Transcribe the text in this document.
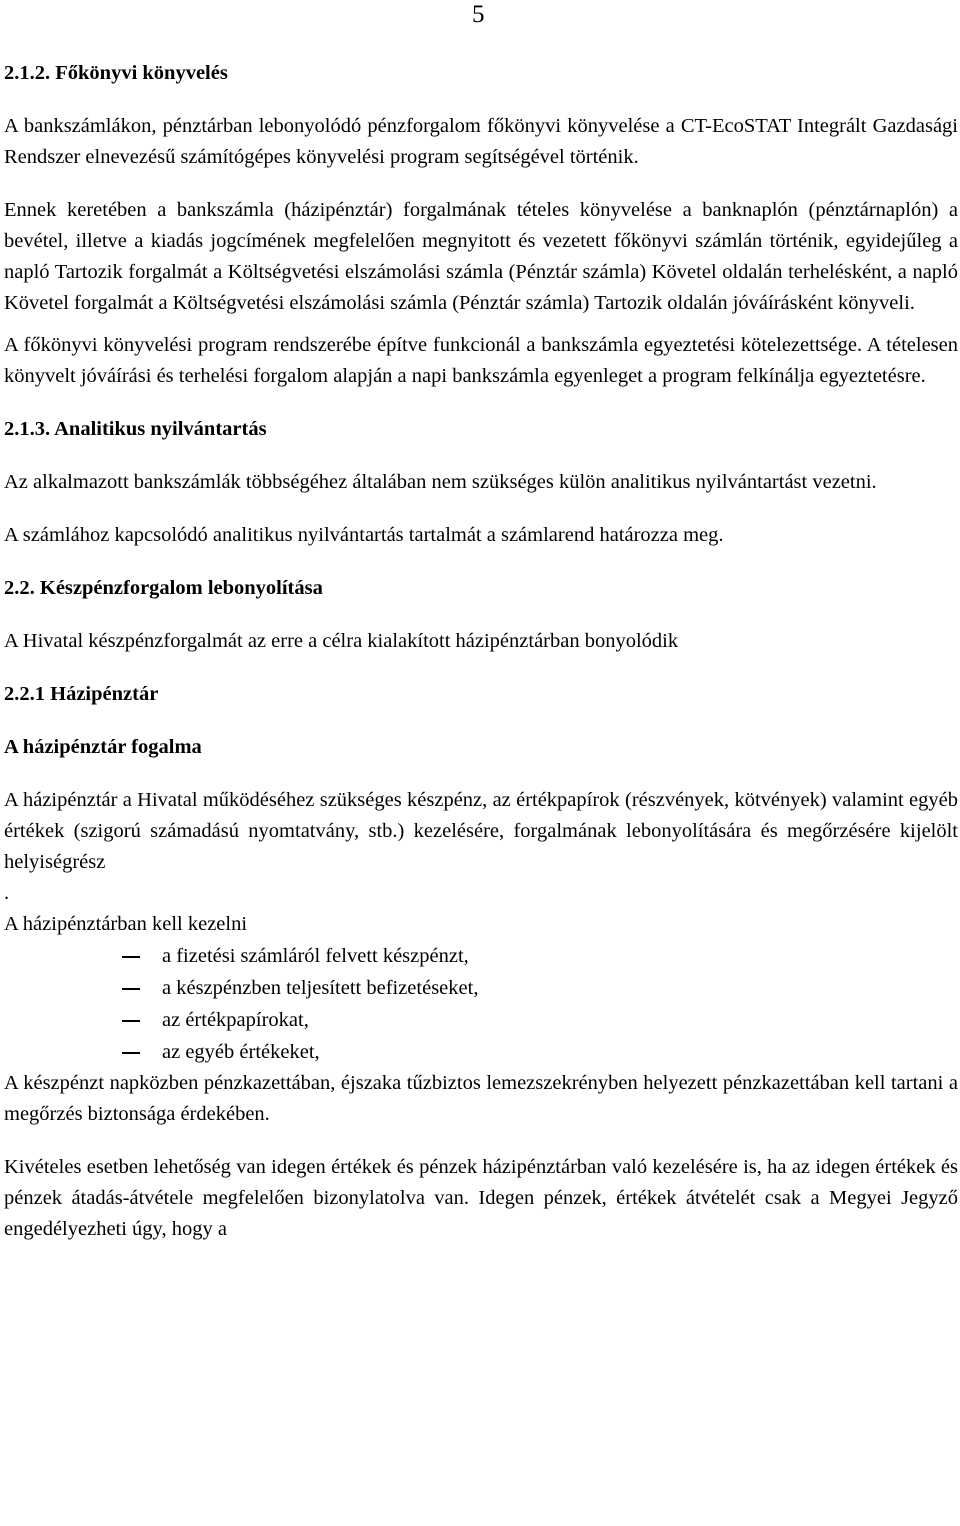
5
2.1.2. Főkönyvi könyvelés

A bankszámlákon, pénztárban lebonyolódó pénzforgalom főkönyvi könyvelése a CT-EcoSTAT Integrált Gazdasági Rendszer elnevezésű számítógépes könyvelési program segítségével történik.

Ennek keretében a bankszámla (házipénztár) forgalmának tételes könyvelése a banknaplón (pénztárnaplón) a bevétel, illetve a kiadás jogcímének megfelelően megnyitott és vezetett főkönyvi számlán történik, egyidejűleg a napló Tartozik forgalmát a Költségvetési elszámolási számla (Pénztár számla) Követel oldalán terhelésként, a napló Követel forgalmát a Költségvetési elszámolási számla (Pénztár számla) Tartozik oldalán jóváírásként könyveli.

A főkönyvi könyvelési program rendszerébe építve funkcionál a bankszámla egyeztetési kötelezettsége. A tételesen könyvelt jóváírási és terhelési forgalom alapján a napi bankszámla egyenleget a program felkínálja egyeztetésre.

2.1.3. Analitikus nyilvántartás

Az alkalmazott bankszámlák többségéhez általában nem szükséges külön analitikus nyilvántartást vezetni.

A számlához kapcsolódó analitikus nyilvántartás tartalmát a számlarend határozza meg.

2.2. Készpénzforgalom lebonyolítása

A Hivatal készpénzforgalmát az erre a célra kialakított házipénztárban bonyolódik

2.2.1 Házipénztár
A házipénztár fogalma

A házipénztár a Hivatal működéséhez szükséges készpénz, az értékpapírok (részvények, kötvények) valamint egyéb értékek (szigorú számadású nyomtatvány, stb.) kezelésére, forgalmának lebonyolítására és megőrzésére kijelölt helyiségrész

.

A házipénztárban kell kezelni

a fizetési számláról felvett készpénzt,
a készpénzben teljesített befizetéseket,
az értékpapírokat,
az egyéb értékeket,

A készpénzt napközben pénzkazettában, éjszaka tűzbiztos lemezszekrényben helyezett pénzkazettában kell tartani a megőrzés biztonsága érdekében.

Kivételes esetben lehetőség van idegen értékek és pénzek házipénztárban való kezelésére is, ha az idegen értékek és pénzek átadás-átvétele megfelelően bizonylatolva van. Idegen pénzek, értékek átvételét csak a Megyei Jegyző engedélyezheti úgy, hogy a
